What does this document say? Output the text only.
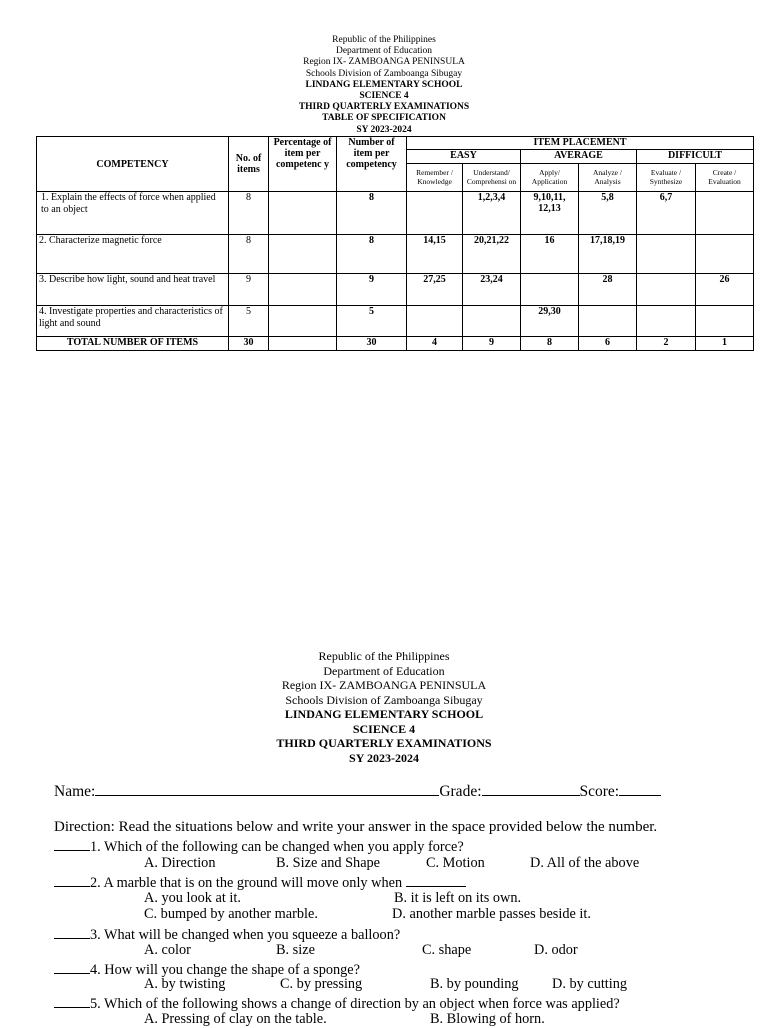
Republic of the Philippines
Department of Education
Region IX- ZAMBOANGA PENINSULA
Schools Division of Zamboanga Sibugay
LINDANG ELEMENTARY SCHOOL
SCIENCE 4
THIRD QUARTERLY EXAMINATIONS
TABLE OF SPECIFICATION
SY 2023-2024
COMPETENCY	No. of items	Percentage of item per competenc y	Number of item per competency	ITEM PLACEMENT					
				EASY		AVERAGE		DIFFICULT	
				Remember / Knowledge	Understand/ Comprehensi on	Apply/ Application	Analyze / Analysis	Evaluate / Synthesize	Create / Evaluation
1. Explain the effects of force when applied to an object	8		8		1,2,3,4	9,10,11, 12,13	5,8	6,7	
2. Characterize magnetic force	8		8	14,15	20,21,22	16	17,18,19		
3. Describe how light, sound and heat travel	9		9	27,25	23,24		28		26
4. Investigate properties and characteristics of light and sound	5		5			29,30			
TOTAL NUMBER OF ITEMS	30		30	4	9	8	6	2	1
Republic of the Philippines
Department of Education
Region IX- ZAMBOANGA PENINSULA
Schools Division of Zamboanga Sibugay
LINDANG ELEMENTARY SCHOOL
SCIENCE 4
THIRD QUARTERLY EXAMINATIONS
SY 2023-2024
Name:	Grade:	Score:
Direction: Read the situations below and write your answer in the space provided below the number.
1. Which of the following can be changed when you apply force?
A. Direction	B. Size and Shape	C. Motion	D. All of the above
2. A marble that is on the ground will move only when
A. you look at it.	B. it is left on its own.
C. bumped by another marble.	D. another marble passes beside it.
3. What will be changed when you squeeze a balloon?
A. color	B. size	C. shape	D. odor
4. How will you change the shape of a sponge?
A. by twisting	C. by pressing	B. by pounding D. by cutting
5. Which of the following shows a change of direction by an object when force was applied?
A. Pressing of clay on the table.	B. Blowing of horn.
